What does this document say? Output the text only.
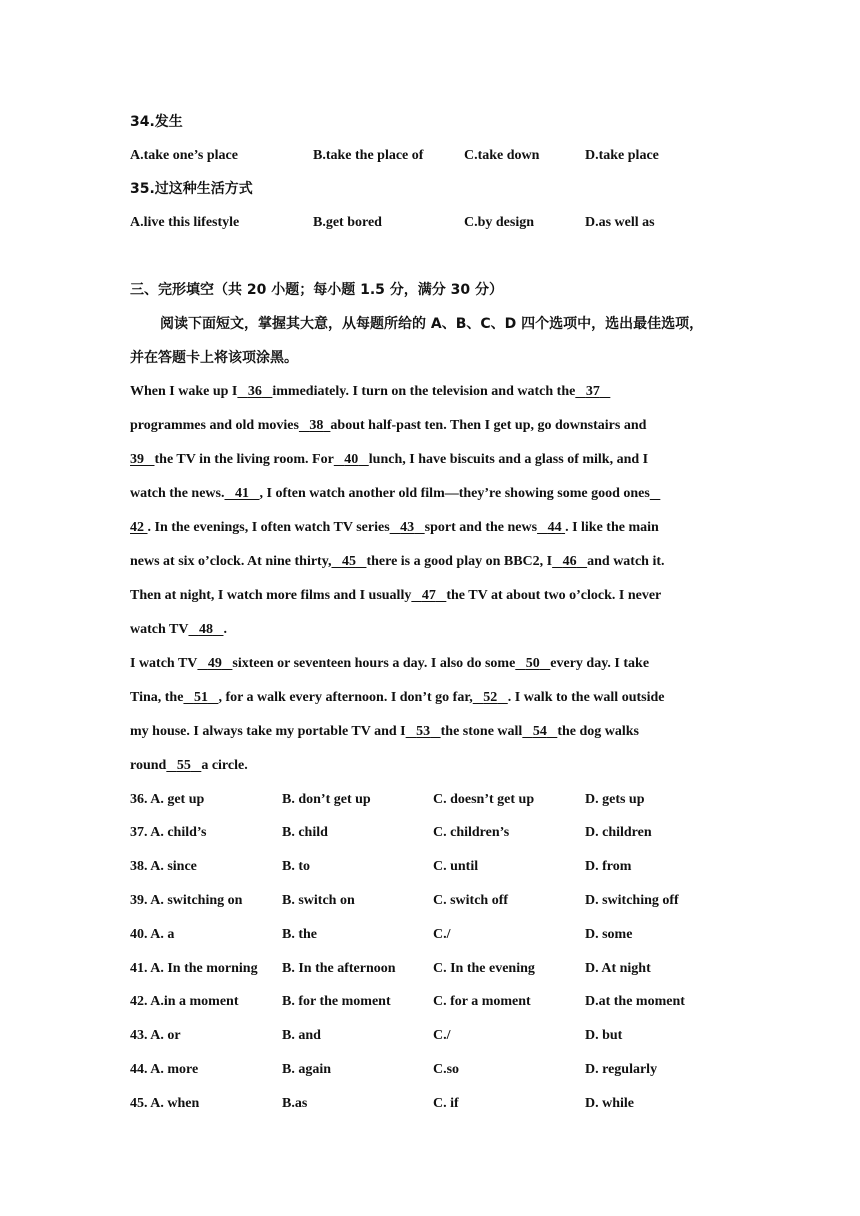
34.发生
A.take one’s place	B.take the place of	C.take down	D.take place
35.过这种生活方式
A.live this lifestyle	B.get bored	C.by design	D.as well as
三、完形填空（共 20 小题；每小题 1.5 分，满分 30 分）
阅读下面短文，掌握其大意，从每题所给的 A、B、C、D 四个选项中，选出最佳选项，
并在答题卡上将该项涂黑。
When I wake up I 36 immediately. I turn on the television and watch the 37
programmes and old movies 38 about half-past ten. Then I get up, go downstairs and
39 the TV in the living room. For 40 lunch, I have biscuits and a glass of milk, and I
watch the news. 41 , I often watch another old film—they’re showing some good ones
42 . In the evenings, I often watch TV series 43 sport and the news 44 . I like the main
news at six o’clock. At nine thirty, 45 there is a good play on BBC2, I 46 and watch it.
Then at night, I watch more films and I usually 47 the TV at about two o’clock. I never
watch TV 48 .
I watch TV 49 sixteen or seventeen hours a day. I also do some 50 every day. I take
Tina, the 51 , for a walk every afternoon. I don’t go far, 52 . I walk to the wall outside
my house. I always take my portable TV and I 53 the stone wall 54 the dog walks
round 55 a circle.
36. A. get up	B. don’t get up	C. doesn’t get up	D. gets up
37. A. child’s	B. child	C. children’s	D. children
38. A. since	B. to	C. until	D. from
39. A. switching on	B. switch on	C. switch off	D. switching off
40. A. a	B. the	C./	D. some
41. A. In the morning B. In the afternoon	C. In the evening	D. At night
42. A.in a moment	B. for the moment	C. for a moment	D.at the moment
43. A. or	B. and	C./	D. but
44. A. more	B. again	C.so	D. regularly
45. A. when	B.as	C. if	D. while
